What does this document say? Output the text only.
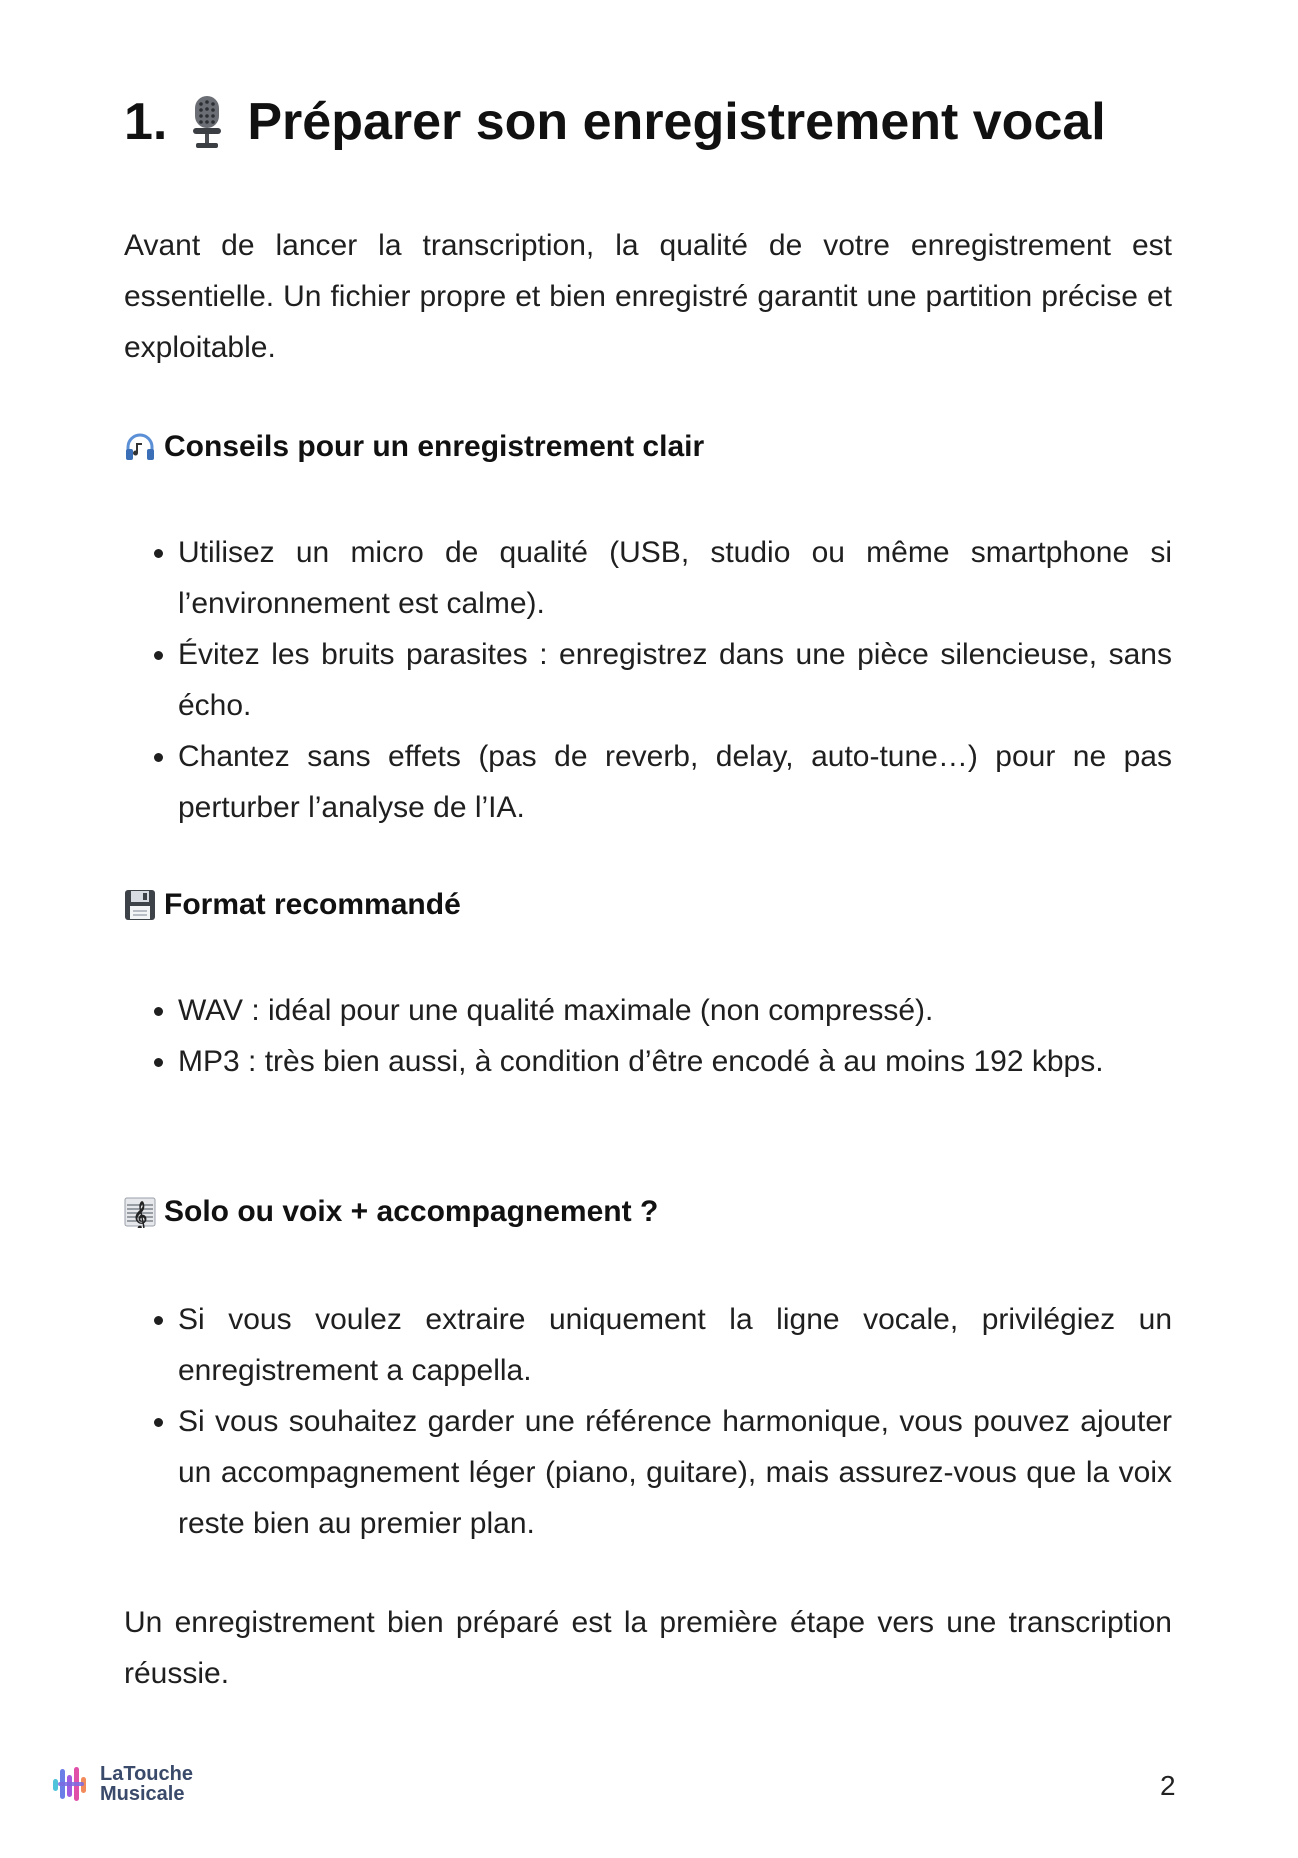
1. Préparer son enregistrement vocal

Avant de lancer la transcription, la qualité de votre enregistrement est essentielle. Un fichier propre et bien enregistré garantit une partition précise et exploitable.

Conseils pour un enregistrement clair
Utilisez un micro de qualité (USB, studio ou même smartphone si l’environnement est calme).
Évitez les bruits parasites : enregistrez dans une pièce silencieuse, sans écho.
Chantez sans effets (pas de reverb, delay, auto-tune…) pour ne pas perturber l’analyse de l’IA.
Format recommandé
WAV : idéal pour une qualité maximale (non compressé).
MP3 : très bien aussi, à condition d’être encodé à au moins 192 kbps.
𝄞 Solo ou voix + accompagnement ?
Si vous voulez extraire uniquement la ligne vocale, privilégiez un enregistrement a cappella.
Si vous souhaitez garder une référence harmonique, vous pouvez ajouter un accompagnement léger (piano, guitare), mais assurez-vous que la voix reste bien au premier plan.

Un enregistrement bien préparé est la première étape vers une transcription réussie.

LaTouche
Musicale	2
